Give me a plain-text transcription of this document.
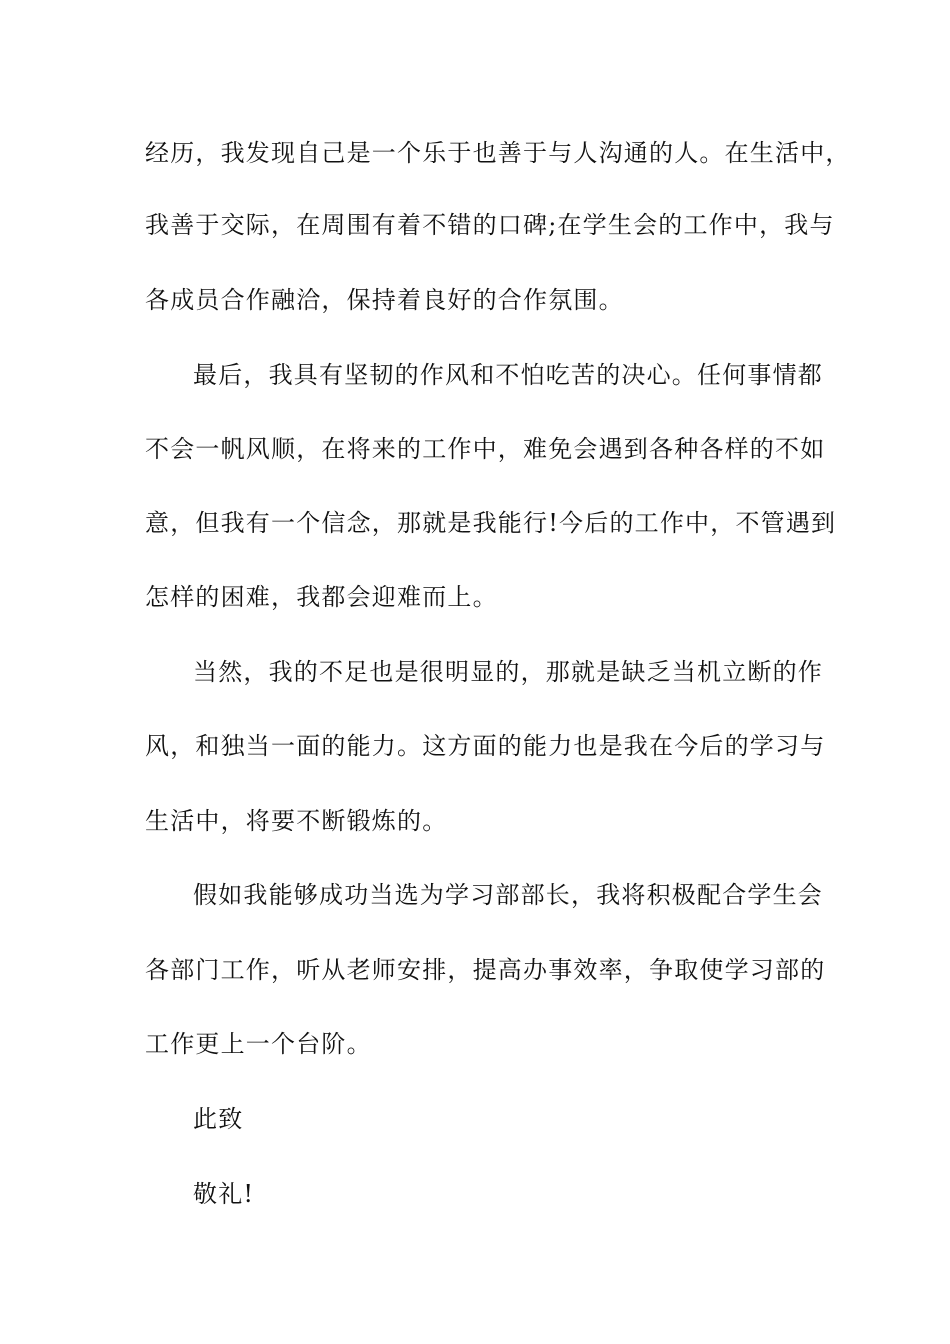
经历，我发现自己是一个乐于也善于与人沟通的人。在生活中，
我善于交际，在周围有着不错的口碑;在学生会的工作中，我与
各成员合作融洽，保持着良好的合作氛围。
最后，我具有坚韧的作风和不怕吃苦的决心。任何事情都
不会一帆风顺，在将来的工作中，难免会遇到各种各样的不如
意，但我有一个信念，那就是我能行!今后的工作中，不管遇到
怎样的困难，我都会迎难而上。
当然，我的不足也是很明显的，那就是缺乏当机立断的作
风，和独当一面的能力。这方面的能力也是我在今后的学习与
生活中，将要不断锻炼的。
假如我能够成功当选为学习部部长，我将积极配合学生会
各部门工作，听从老师安排，提高办事效率，争取使学习部的
工作更上一个台阶。
此致
敬礼!
